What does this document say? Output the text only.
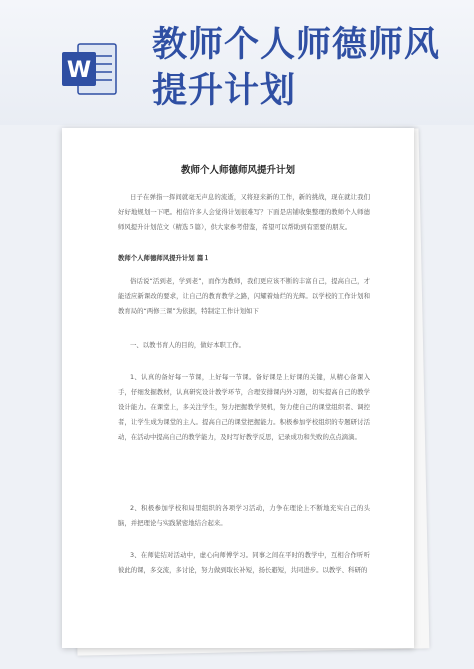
W
教师个人师德师风
提升计划
教师个人师德师风提升计划

日子在弹指一挥间就毫无声息的流逝，又将迎来新的工作，新的挑战，现在就让我们好好地规划一下吧。相信许多人会觉得计划很难写？下面是店铺收集整理的教师个人师德师风提升计划范文（精选５篇），供大家参考借鉴，希望可以帮助到有需要的朋友。

教师个人师德师风提升计划 篇１

俗话说“活到老，学到老”，而作为教师，我们更应该不断的丰富自己，提高自己，才能适应新课改的要求，让自己的教育教学之路，闪耀着灿烂的光辉。以学校的工作计划和教育局的“两修三课”为依据，特制定工作计划如下

一、以教书育人的目的，做好本职工作。

1、认真的备好每一节课，上好每一节课。备好课是上好课的关键，从精心备课入手，仔细发掘教材，认真研究设计教学环节，合理安排课内外习题，切实提高自己的教学设计能力。在课堂上，多关注学生，努力把握教学契机，努力使自己的课堂组织者、调控者，让学生成为课堂的主人。提高自己的课堂把握能力。积极参加学校组织的专题研讨活动，在活动中提高自己的教学能力，及时写好教学反思，记录成功和失败的点点滴滴。

2、积极参加学校和局里组织的各项学习活动，力争在理论上不断地充实自己的头脑，并把理论与实践紧密地结合起来。

3、在师徒结对活动中，虚心向师傅学习。同事之间在平时的教学中，互相合作听听彼此的课，多交流，多讨论，努力做到取长补短，扬长避短，共同进步。以教学、科研的
